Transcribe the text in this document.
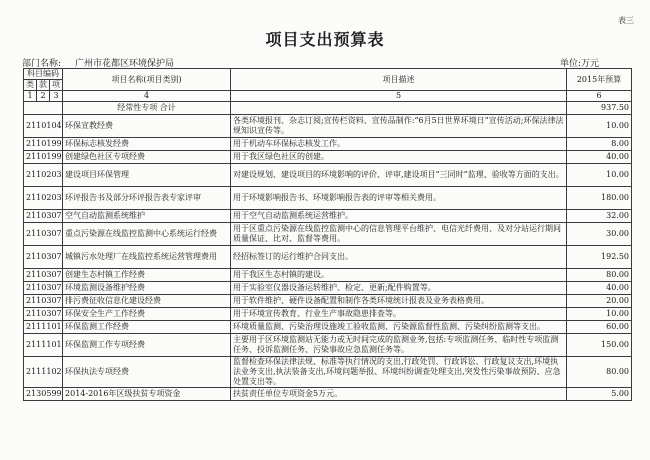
表三
项目支出预算表
部门名称: 广州市花都区环境保护局	单位:万元
科目编码			项目名称(项目类别)	项目描述	2015年预算
类	款	项			
1	2	3	4	5	6
			经常性专项 合计		937.50
2110104			环保宣教经费	各类环境报刊、杂志订阅;宣传栏资料、宣传品制作:“6月5日世界环境日”宣传活动;环保法律法规知识宣传等。	10.00
2110199			环保标志核发经费	用于机动车环保标志核发工作。	8.00
2110199			创建绿色社区专项经费	用于我区绿色社区的创建。	40.00
2110203			建设项目环保管理	对建设规划、建设项目的环境影响的评价、评审,建设项目“三同时”监理、验收等方面的支出。	10.00
2110203			环评报告书及部分环评报告表专家评审	用于环境影响报告书、环境影响报告表的评审等相关费用。	180.00
2110307			空气自动监测系统维护	用于空气自动监测系统运营维护。	32.00
2110307			重点污染源在线监控监测中心系统运行经费	用于区重点污染源在线监控监测中心的信息管理平台维护、电信光纤费用、及对分站运行期间质量保证、比对、监督等费用。	30.00
2110307			城镇污水处理厂在线监控系统运营管理费用	经招标签订的运行维护合同支出。	192.50
2110307			创建生态村镇工作经费	用于我区生态村镇的建设。	80.00
2110307			环境监测设备维护经费	用于实验室仪器设备运转维护、检定、更新;配件购置等。	40.00
2110307			排污费征收信息化建设经费	用于软件维护、硬件设备配置和制作各类环境统计报表及业务表格费用。	20.00
2110307			环保安全生产工作经费	用于环境宣传教育、行业生产事故隐患排查等。	10.00
2111101			环保监测工作经费	环境质量监测、污染治理设施竣工验收监测、污染源监督性监测、污染纠纷监测等支出。	60.00
2111101			环保监测工作专项经费	主要用于区环境监测站无能力或无时间完成的监测业务,包括:专项监测任务、临时性专项监测任务、投诉监测任务、污染事故应急监测任务等。	150.00
2111102			环保执法专项经费	监督检查环保法律法规、标准等执行情况的支出,行政处罚、行政诉讼、行政复议支出,环境执法业务支出,执法装备支出,环境问题举报、环境纠纷调查处理支出,突发性污染事故预防、应急处置支出等。	80.00
2130599			2014-2016年区级扶贫专项资金	扶贫责任单位专项资金5万元。	5.00
